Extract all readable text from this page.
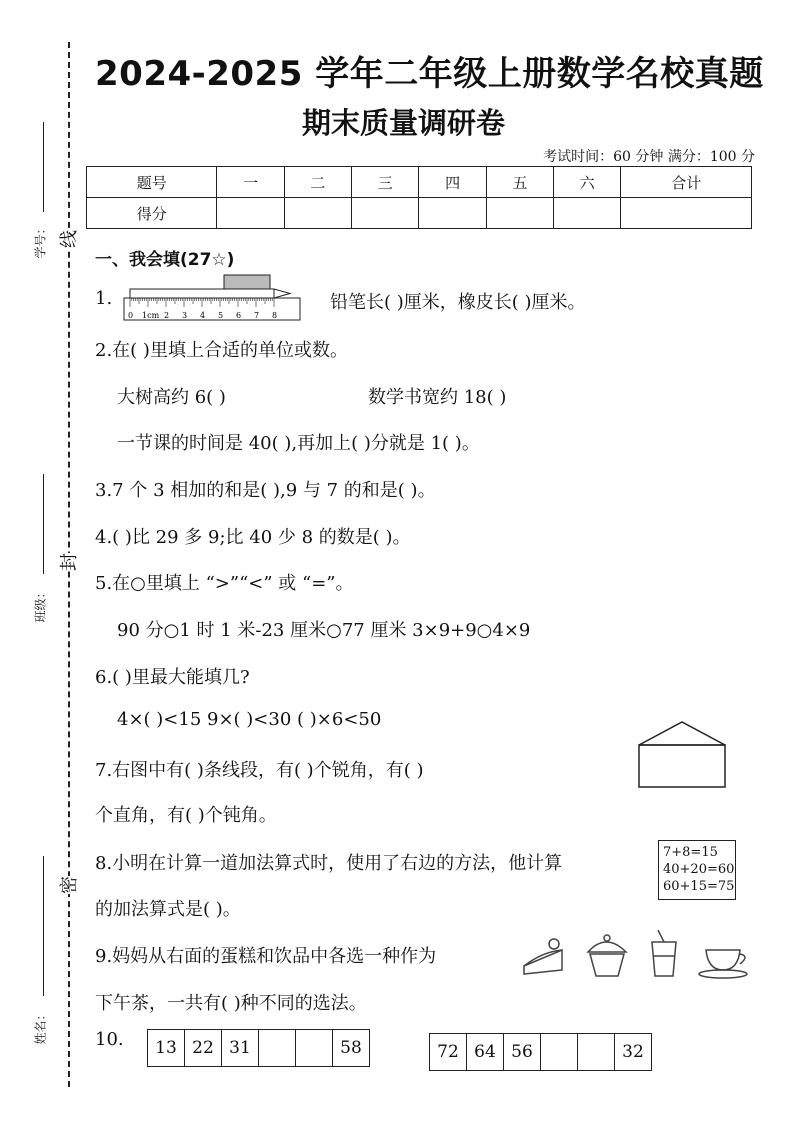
学号：
班级：
姓名：
线
封
密
2024-2025 学年二年级上册数学名校真题
期末质量调研卷
考试时间：60 分钟 满分：100 分
题号	一	二	三	四	五	六	合计
得分							
一、我会填(27☆)
1.
0 1cm 2 3 4 5 6 7 8
铅笔长( )厘米，橡皮长( )厘米。
2.在( )里填上合适的单位或数。
大树高约 6( )	数学书宽约 18( )
一节课的时间是 40( ),再加上( )分就是 1( )。
3.7 个 3 相加的和是( ),9 与 7 的和是( )。
4.( )比 29 多 9;比 40 少 8 的数是( )。
5.在○里填上 “>”“<” 或 “=”。
90 分○1 时 1 米-23 厘米○77 厘米 3×9+9○4×9
6.( )里最大能填几?
4×( )<15 9×( )<30 ( )×6<50
7.右图中有( )条线段，有( )个锐角，有( )
个直角，有( )个钝角。
8.小明在计算一道加法算式时，使用了右边的方法，他计算
的加法算式是( )。
7+8=15
40+20=60
60+15=75
9.妈妈从右面的蛋糕和饮品中各选一种作为
下午茶，一共有( )种不同的选法。
10. 13	22	31			58	72	64	56			32
